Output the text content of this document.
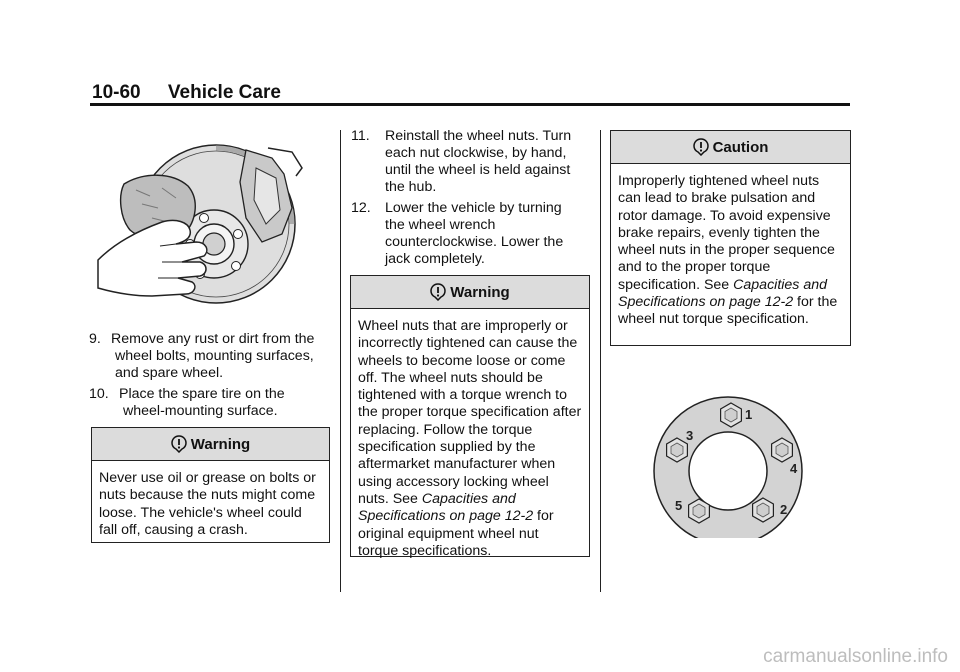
10-60 Vehicle Care
9. Remove any rust or dirt from the
wheel bolts, mounting surfaces, and spare wheel.
10. Place the spare tire on the
wheel-mounting surface.
Warning
Never use oil or grease on bolts or nuts because the nuts might come loose. The vehicle's wheel could fall off, causing a crash.
11.	Reinstall the wheel nuts. Turn
each nut clockwise, by hand, until the wheel is held against the hub.
12.	Lower the vehicle by turning
the wheel wrench counterclockwise. Lower the jack completely.
Warning
Wheel nuts that are improperly or incorrectly tightened can cause the wheels to become loose or come off. The wheel nuts should be tightened with a torque wrench to the proper torque specification after replacing. Follow the torque specification supplied by the aftermarket manufacturer when using accessory locking wheel nuts. See Capacities and Specifications on page 12-2 for original equipment wheel nut torque specifications.
Caution
Improperly tightened wheel nuts can lead to brake pulsation and rotor damage. To avoid expensive brake repairs, evenly tighten the wheel nuts in the proper sequence and to the proper torque specification. See Capacities and Specifications on page 12-2 for the wheel nut torque specification.
1
2
3
4
5
carmanualsonline.info
